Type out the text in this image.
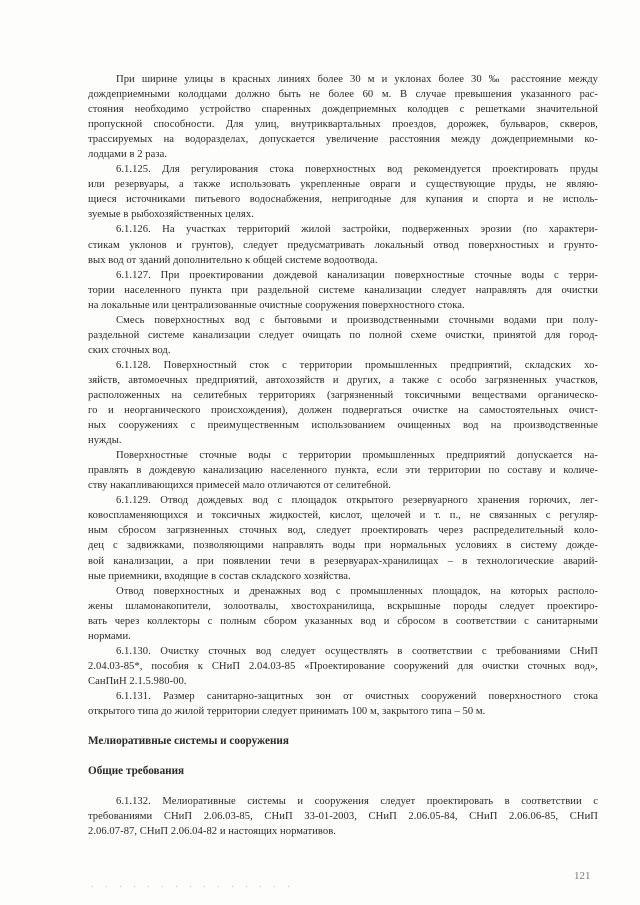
При ширине улицы в красных линиях более 30 м и уклонах более 30 ‰ расстояние между
дождеприемными колодцами должно быть не более 60 м. В случае превышения указанного рас-
стояния необходимо устройство спаренных дождеприемных колодцев с решетками значительной
пропускной способности. Для улиц, внутриквартальных проездов, дорожек, бульваров, скверов,
трассируемых на водоразделах, допускается увеличение расстояния между дождеприемными ко-
лодцами в 2 раза.
6.1.125. Для регулирования стока поверхностных вод рекомендуется проектировать пруды
или резервуары, а также использовать укрепленные овраги и существующие пруды, не являю-
щиеся источниками питьевого водоснабжения, непригодные для купания и спорта и не исполь-
зуемые в рыбохозяйственных целях.
6.1.126. На участках территорий жилой застройки, подверженных эрозии (по характери-
стикам уклонов и грунтов), следует предусматривать локальный отвод поверхностных и грунто-
вых вод от зданий дополнительно к общей системе водоотвода.
6.1.127. При проектировании дождевой канализации поверхностные сточные воды с терри-
тории населенного пункта при раздельной системе канализации следует направлять для очистки
на локальные или централизованные очистные сооружения поверхностного стока.
Смесь поверхностных вод с бытовыми и производственными сточными водами при полу-
раздельной системе канализации следует очищать по полной схеме очистки, принятой для город-
ских сточных вод.
6.1.128. Поверхностный сток с территории промышленных предприятий, складских хо-
зяйств, автомоечных предприятий, автохозяйств и других, а также с особо загрязненных участков,
расположенных на селитебных территориях (загрязненный токсичными веществами органическо-
го и неорганического происхождения), должен подвергаться очистке на самостоятельных очист-
ных сооружениях с преимущественным использованием очищенных вод на производственные
нужды.
Поверхностные сточные воды с территории промышленных предприятий допускается на-
правлять в дождевую канализацию населенного пункта, если эти территории по составу и количе-
ству накапливающихся примесей мало отличаются от селитебной.
6.1.129. Отвод дождевых вод с площадок открытого резервуарного хранения горючих, лег-
ковоспламеняющихся и токсичных жидкостей, кислот, щелочей и т. п., не связанных с регуляр-
ным сбросом загрязненных сточных вод, следует проектировать через распределительный коло-
дец с задвижками, позволяющими направлять воды при нормальных условиях в систему дожде-
вой канализации, а при появлении течи в резервуарах-хранилищах – в технологические аварий-
ные приемники, входящие в состав складского хозяйства.
Отвод поверхностных и дренажных вод с промышленных площадок, на которых располо-
жены шламонакопители, золоотвалы, хвостохранилища, вскрышные породы следует проектиро-
вать через коллекторы с полным сбором указанных вод и сбросом в соответствии с санитарными
нормами.
6.1.130. Очистку сточных вод следует осуществлять в соответствии с требованиями СНиП
2.04.03-85*, пособия к СНиП 2.04.03-85 «Проектирование сооружений для очистки сточных вод»,
СанПиН 2.1.5.980-00.
6.1.131. Размер санитарно-защитных зон от очистных сооружений поверхностного стока
открытого типа до жилой территории следует принимать 100 м, закрытого типа – 50 м.
Мелиоративные системы и сооружения
Общие требования
6.1.132. Мелиоративные системы и сооружения следует проектировать в соответствии с
требованиями СНиП 2.06.03-85, СНиП 33-01-2003, СНиП 2.06.05-84, СНиП 2.06.06-85, СНиП
2.06.07-87, СНиП 2.06.04-82 и настоящих нормативов.
121
